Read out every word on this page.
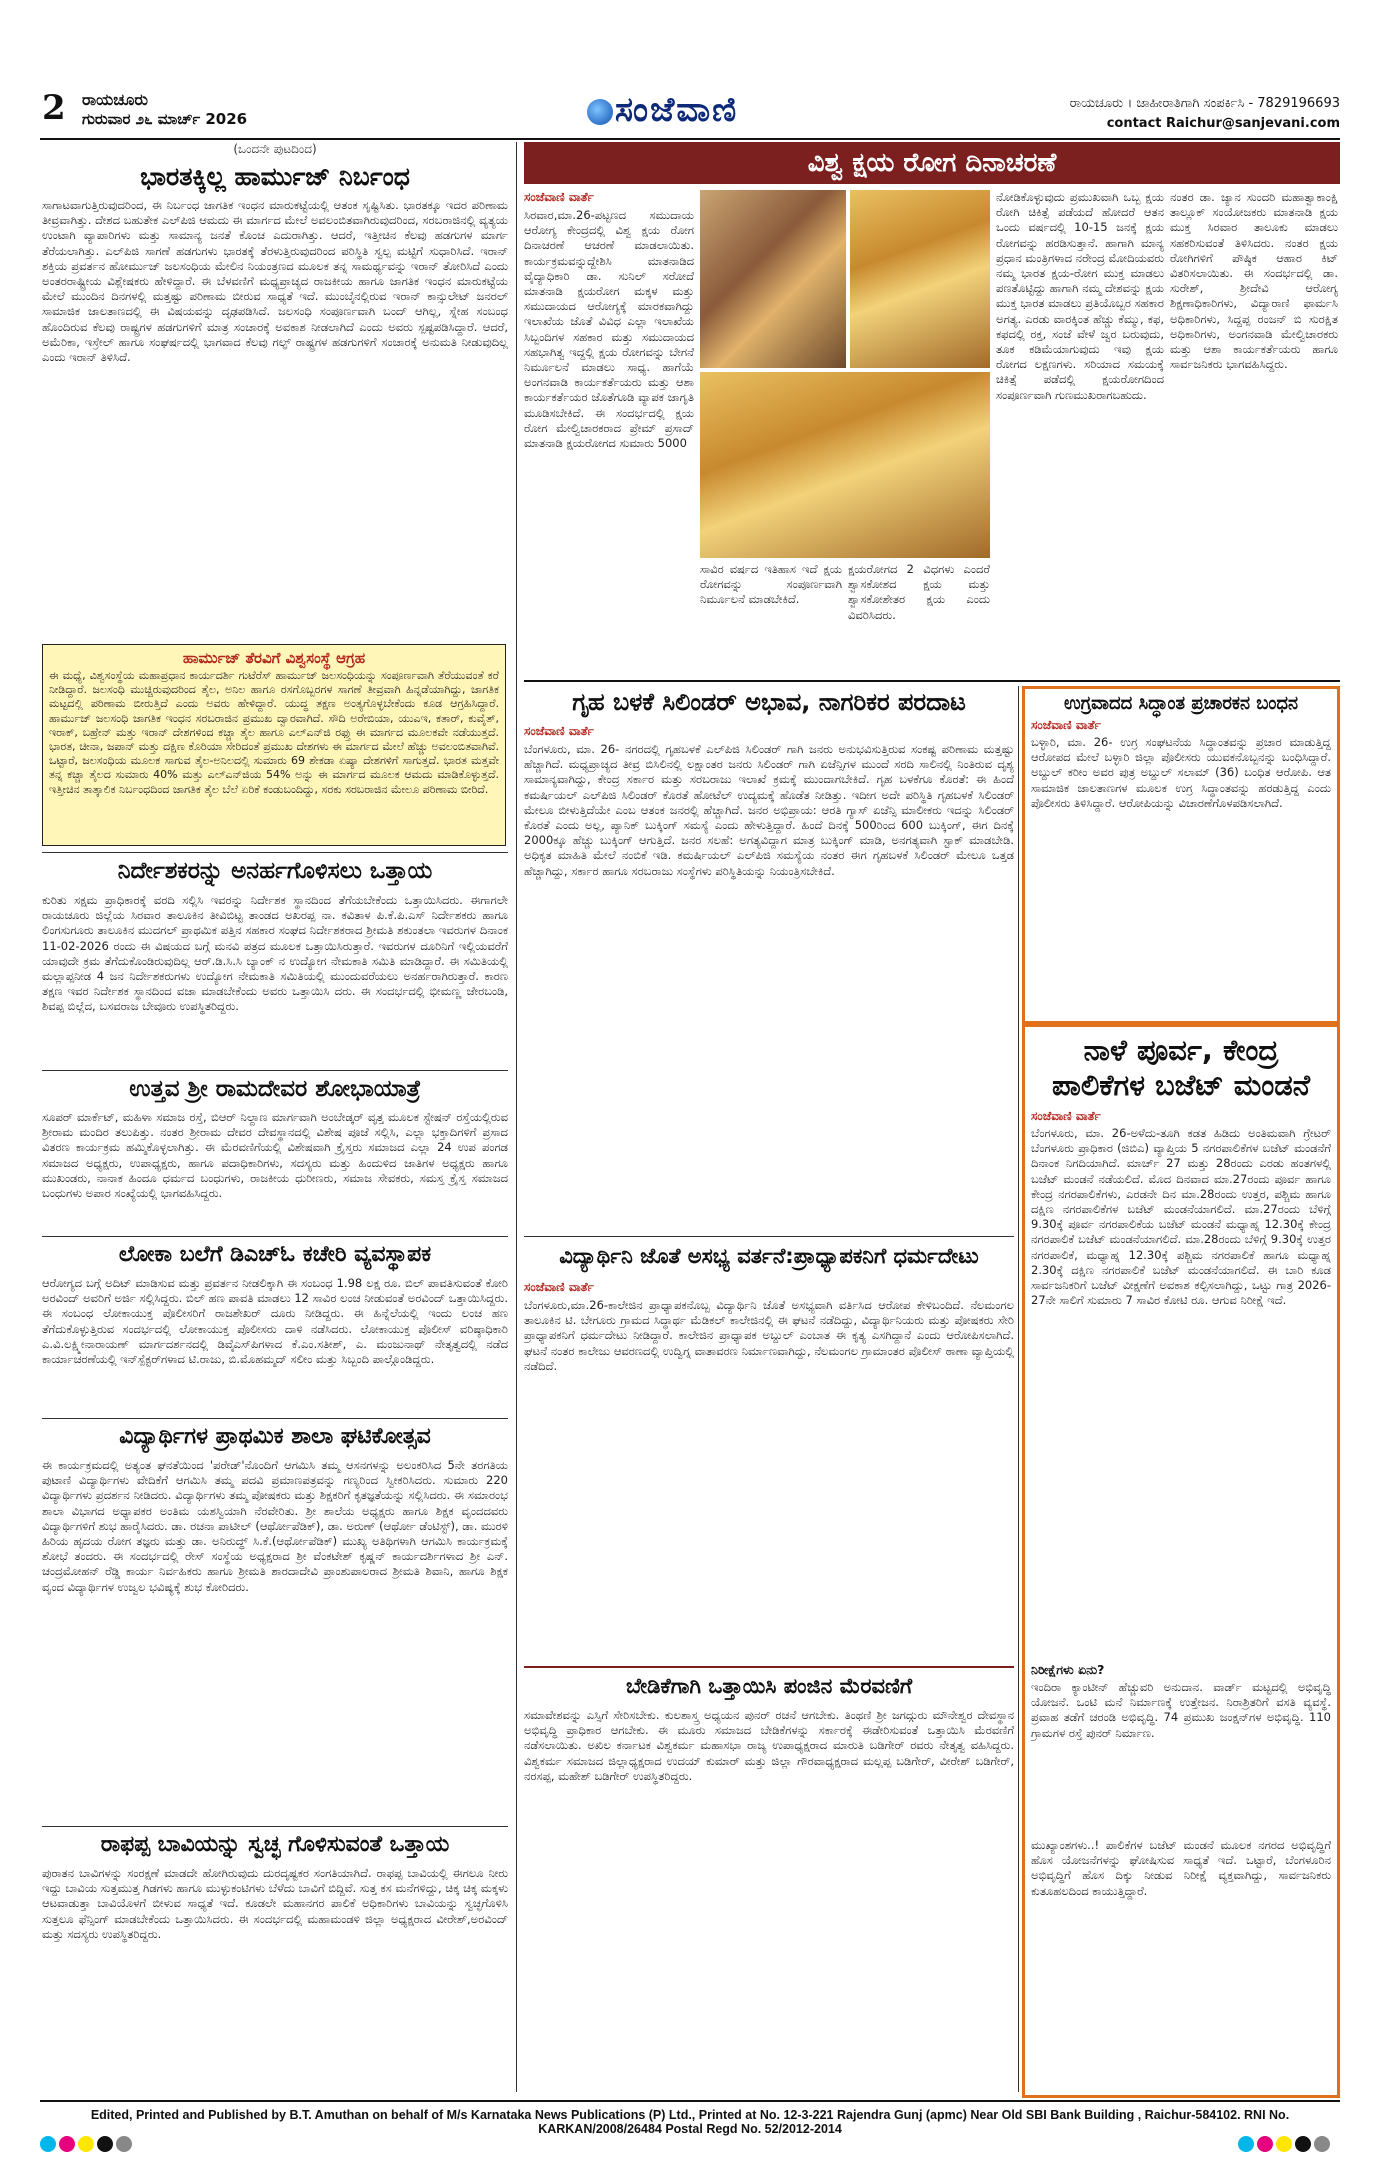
2 ರಾಯಚೂರು
ಗುರುವಾರ ೨೬ ಮಾರ್ಚ್ 2026	ಸಂಜೆವಾಣಿ	ರಾಯಚೂರು । ಜಾಹೀರಾತಿಗಾಗಿ ಸಂಪರ್ಕಿಸಿ - 7829196693
contact Raichur@sanjevani.com
(ಒಂದನೇ ಪುಟದಿಂದ)
ಭಾರತಕ್ಕಿಲ್ಲ ಹಾರ್ಮುಜ್ ನಿರ್ಬಂಧ
ಸಾಗಾಟವಾಗುತ್ತಿರುವುದರಿಂದ, ಈ ನಿರ್ಬಂಧ ಜಾಗತಿಕ ಇಂಧನ ಮಾರುಕಟ್ಟೆಯಲ್ಲಿ ಆತಂಕ ಸೃಷ್ಟಿಸಿತು. ಭಾರತಕ್ಕೂ ಇದರ ಪರಿಣಾಮ ತೀವ್ರವಾಗಿತ್ತು. ದೇಶದ ಬಹುತೇಕ ಎಲ್‌ಪಿಜಿ ಆಮದು ಈ ಮಾರ್ಗದ ಮೇಲೆ ಅವಲಂಬಿತವಾಗಿರುವುದರಿಂದ, ಸರಬರಾಜಿನಲ್ಲಿ ವ್ಯತ್ಯಯ ಉಂಟಾಗಿ ವ್ಯಾಪಾರಿಗಳು ಮತ್ತು ಸಾಮಾನ್ಯ ಜನತೆ ಕೊಂಚ ಎದುರಾಗಿತ್ತು. ಆದರೆ, ಇತ್ತೀಚಿನ ಕೆಲವು ಹಡಗುಗಳ ಮಾರ್ಗ ತೆರೆಯಲಾಗಿತ್ತು. ಎಲ್‌ಪಿಜಿ ಸಾಗಣೆ ಹಡಗುಗಳು ಭಾರತಕ್ಕೆ ತೆರಳುತ್ತಿರುವುದರಿಂದ ಪರಿಸ್ಥಿತಿ ಸ್ವಲ್ಪ ಮಟ್ಟಿಗೆ ಸುಧಾರಿಸಿದೆ. ಇರಾನ್ ಶಕ್ತಿಯ ಪ್ರವರ್ತನ ಹೋರ್ಮುಜ್ ಜಲಸಂಧಿಯ ಮೇಲಿನ ನಿಯಂತ್ರಣದ ಮೂಲಕ ತನ್ನ ಸಾಮರ್ಥ್ಯವನ್ನು ಇರಾನ್ ತೋರಿಸಿದೆ ಎಂದು ಅಂತರರಾಷ್ಟ್ರೀಯ ವಿಶ್ಲೇಷಕರು ಹೇಳಿದ್ದಾರೆ. ಈ ಬೆಳವಣಿಗೆ ಮಧ್ಯಪ್ರಾಚ್ಯದ ರಾಜಕೀಯ ಹಾಗೂ ಜಾಗತಿಕ ಇಂಧನ ಮಾರುಕಟ್ಟೆಯ ಮೇಲೆ ಮುಂದಿನ ದಿನಗಳಲ್ಲಿ ಮತ್ತಷ್ಟು ಪರಿಣಾಮ ಬೀರುವ ಸಾಧ್ಯತೆ ಇದೆ. ಮುಂಬೈನಲ್ಲಿರುವ ಇರಾನ್ ಕಾನ್ಸುಲೇಟ್ ಜನರಲ್ ಸಾಮಾಜಿಕ ಜಾಲತಾಣದಲ್ಲಿ ಈ ವಿಷಯವನ್ನು ದೃಢಪಡಿಸಿದೆ. ಜಲಸಂಧಿ ಸಂಪೂರ್ಣವಾಗಿ ಬಂದ್ ಆಗಿಲ್ಲ, ಸ್ನೇಹ ಸಂಬಂಧ ಹೊಂದಿರುವ ಕೆಲವು ರಾಷ್ಟ್ರಗಳ ಹಡಗುಗಳಿಗೆ ಮಾತ್ರ ಸಂಚಾರಕ್ಕೆ ಅವಕಾಶ ನೀಡಲಾಗಿದೆ ಎಂದು ಅವರು ಸ್ಪಷ್ಟಪಡಿಸಿದ್ದಾರೆ. ಆದರೆ, ಅಮೆರಿಕಾ, ಇಸ್ರೇಲ್ ಹಾಗೂ ಸಂಘರ್ಷದಲ್ಲಿ ಭಾಗವಾದ ಕೆಲವು ಗಲ್ಫ್ ರಾಷ್ಟ್ರಗಳ ಹಡಗುಗಳಿಗೆ ಸಂಚಾರಕ್ಕೆ ಅನುಮತಿ ನೀಡುವುದಿಲ್ಲ ಎಂದು ಇರಾನ್ ತಿಳಿಸಿದೆ.
ಹಾರ್ಮುಜ್ ತೆರವಿಗೆ ವಿಶ್ವಸಂಸ್ಥೆ ಆಗ್ರಹ
ಈ ಮಧ್ಯೆ, ವಿಶ್ವಸಂಸ್ಥೆಯ ಮಹಾಪ್ರಧಾನ ಕಾರ್ಯದರ್ಶಿ ಗುಟೆರೆಸ್ ಹಾರ್ಮುಜ್ ಜಲಸಂಧಿಯನ್ನು ಸಂಪೂರ್ಣವಾಗಿ ತೆರೆಯುವಂತೆ ಕರೆ ನೀಡಿದ್ದಾರೆ. ಜಲಸಂಧಿ ಮುಚ್ಚಿರುವುದರಿಂದ ತೈಲ, ಅನಿಲ ಹಾಗೂ ರಸಗೊಬ್ಬರಗಳ ಸಾಗಣೆ ತೀವ್ರವಾಗಿ ಹಿನ್ನಡೆಯಾಗಿದ್ದು, ಜಾಗತಿಕ ಮಟ್ಟದಲ್ಲಿ ಪರಿಣಾಮ ಬೀರುತ್ತಿದೆ ಎಂದು ಅವರು ಹೇಳಿದ್ದಾರೆ. ಯುದ್ಧ ತಕ್ಷಣ ಅಂತ್ಯಗೊಳ್ಳಬೇಕೆಂದು ಕೂಡ ಆಗ್ರಹಿಸಿದ್ದಾರೆ. ಹಾರ್ಮುಜ್ ಜಲಸಂಧಿ ಜಾಗತಿಕ ಇಂಧನ ಸರಬರಾಜಿನ ಪ್ರಮುಖ ದ್ವಾರವಾಗಿದೆ. ಸೌದಿ ಅರೇಬಿಯಾ, ಯುಎಇ, ಕತಾರ್, ಕುವೈತ್, ಇರಾಕ್, ಬಹ್ರೇನ್ ಮತ್ತು ಇರಾನ್ ದೇಶಗಳಿಂದ ಕಚ್ಚಾ ತೈಲ ಹಾಗೂ ಎಲ್‌ಎನ್‌ಜಿ ರಫ್ತು ಈ ಮಾರ್ಗದ ಮೂಲಕವೇ ನಡೆಯುತ್ತದೆ. ಭಾರತ, ಚೀನಾ, ಜಪಾನ್ ಮತ್ತು ದಕ್ಷಿಣ ಕೊರಿಯಾ ಸೇರಿದಂತೆ ಪ್ರಮುಖ ದೇಶಗಳು ಈ ಮಾರ್ಗದ ಮೇಲೆ ಹೆಚ್ಚು ಅವಲಂಬಿತವಾಗಿವೆ. ಒಟ್ಟಾರೆ, ಜಲಸಂಧಿಯ ಮೂಲಕ ಸಾಗುವ ತೈಲ-ಅನಿಲದಲ್ಲಿ ಸುಮಾರು 69 ಶೇಕಡಾ ಏಷ್ಯಾ ದೇಶಗಳಿಗೆ ಸಾಗುತ್ತದೆ. ಭಾರತ ಮತ್ತವೇ ತನ್ನ ಕಚ್ಚಾ ತೈಲದ ಸುಮಾರು 40% ಮತ್ತು ಎಲ್‌ಎನ್‌ಜಿಯ 54% ಅನ್ನು ಈ ಮಾರ್ಗದ ಮೂಲಕ ಆಮದು ಮಾಡಿಕೊಳ್ಳುತ್ತದೆ. ಇತ್ತೀಚಿನ ತಾತ್ಕಾಲಿಕ ನಿರ್ಬಂಧದಿಂದ ಜಾಗತಿಕ ತೈಲ ಬೆಲೆ ಏರಿಕೆ ಕಂಡುಬಂದಿದ್ದು, ಸರಕು ಸರಬರಾಜಿನ ಮೇಲೂ ಪರಿಣಾಮ ಬೀರಿದೆ.
ನಿರ್ದೇಶಕರನ್ನು ಅನರ್ಹಗೊಳಿಸಲು ಒತ್ತಾಯ
ಕುರಿತು ಸಕ್ಷಮ ಪ್ರಾಧಿಕಾರಕ್ಕೆ ವರದಿ ಸಲ್ಲಿಸಿ ಇವರನ್ನು ನಿರ್ದೇಶಕ ಸ್ಥಾನದಿಂದ ತೆಗೆಯಬೇಕೆಂದು ಒತ್ತಾಯಿಸಿದರು. ಈಗಾಗಲೇ ರಾಯಚೂರು ಜಿಲ್ಲೆಯ ಸಿರವಾರ ತಾಲೂಕಿನ ತೀವಿಬಿಟ್ಟ ತಾಂಡದ ಅಖರಪ್ಪ ನಾ. ಕವಿತಾಳ ಪಿ.ಕೆ.ಪಿ.ಎಸ್ ನಿರ್ದೇಶಕರು ಹಾಗೂ ಲಿಂಗಸುಗೂರು ತಾಲೂಕಿನ ಮುದಗಲ್ ಪ್ರಾಥಮಿಕ ಪತ್ತಿನ ಸಹಕಾರ ಸಂಘದ ನಿರ್ದೇಶಕರಾದ ಶ್ರೀಮತಿ ಶಕುಂತಲಾ ಇವರುಗಳ ದಿನಾಂಕ 11-02-2026 ರಂದು ಈ ವಿಷಯದ ಬಗ್ಗೆ ಮನವಿ ಪತ್ರದ ಮೂಲಕ ಒತ್ತಾಯಿಸಿರುತ್ತಾರೆ. ಇವರುಗಳ ದೂರಿನಿಗೆ ಇಲ್ಲಿಯವರೆಗೆ ಯಾವುದೇ ಕ್ರಮ ತೆಗೆದುಕೊಂಡಿರುವುದಿಲ್ಲ ಆರ್.ಡಿ.ಸಿ.ಸಿ ಬ್ಯಾಂಕ್ ನ ಉದ್ಯೋಗ ನೇಮಕಾತಿ ಸಮಿತಿ ಮಾಡಿದ್ದಾರೆ. ಈ ಸಮಿತಿಯಲ್ಲಿ ಮಲ್ಲಾಪ್ಪನೀಡ 4 ಜನ ನಿರ್ದೇಶಕರುಗಳು ಉದ್ಯೋಗ ನೇಮಕಾತಿ ಸಮಿತಿಯಲ್ಲಿ ಮುಂದುವರೆಯಲು ಅನರ್ಹರಾಗಿರುತ್ತಾರೆ. ಕಾರಣ ತಕ್ಷಣ ಇವರ ನಿರ್ದೇಶಕ ಸ್ಥಾನದಿಂದ ವಜಾ ಮಾಡಬೇಕೆಂದು ಅವರು ಒತ್ತಾಯಿಸಿ ದರು. ಈ ಸಂದರ್ಭದಲ್ಲಿ ಭೀಮಣ್ಣ ಜೇರಬಂಡಿ, ಶಿವಪ್ಪ ಬಿಲ್ಲೆದ, ಬಸವರಾಜ ಬೇವೂರು ಉಪಸ್ಥಿತರಿದ್ದರು.
ಉತ್ತವ ಶ್ರೀ ರಾಮದೇವರ ಶೋಭಾಯಾತ್ರೆ
ಸೂಪರ್ ಮಾರ್ಕೆಟ್, ಮಹಿಳಾ ಸಮಾಜ ರಸ್ತೆ, ಬಿಆರ್ ನಿಲ್ದಾಣ ಮಾರ್ಗವಾಗಿ ಅಂಬೇಡ್ಕರ್ ವೃತ್ತ ಮೂಲಕ ಸ್ಟೇಷನ್ ರಸ್ತೆಯಲ್ಲಿರುವ ಶ್ರೀರಾಮ ಮಂದಿರ ತಲುಪಿತ್ತು. ನಂತರ ಶ್ರೀರಾಮ ದೇವರ ದೇವಸ್ಥಾನದಲ್ಲಿ ವಿಶೇಷ ಪೂಜೆ ಸಲ್ಲಿಸಿ, ಎಲ್ಲಾ ಭಕ್ತಾದಿಗಳಿಗೆ ಪ್ರಸಾದ ವಿತರಣ ಕಾರ್ಯಕ್ರಮ ಹಮ್ಮಿಕೊಳ್ಳಲಾಗಿತ್ತು. ಈ ಮೆರವಣಿಗೆಯಲ್ಲಿ ವಿಶೇಷವಾಗಿ ಕ್ರೈಸ್ತರು ಸಮಾಜದ ಎಲ್ಲಾ 24 ಉಪ ಪಂಗಡ ಸಮಾಜದ ಅಧ್ಯಕ್ಷರು, ಉಪಾಧ್ಯಕ್ಷರು, ಹಾಗೂ ಪದಾಧಿಕಾರಿಗಳು, ಸದಸ್ಯರು ಮತ್ತು ಹಿಂದುಳಿದ ಜಾತಿಗಳ ಅಧ್ಯಕ್ಷರು ಹಾಗೂ ಮುಖಂಡರು, ನಾನಾಕ ಹಿಂದೂ ಧರ್ಮದ ಬಂಧುಗಳು, ರಾಜಕೀಯ ಧುರೀಣರು, ಸಮಾಜ ಸೇವಕರು, ಸಮಸ್ತ ಕ್ರೈಸ್ತ ಸಮಾಜದ ಬಂಧುಗಳು ಅಪಾರ ಸಂಖ್ಯೆಯಲ್ಲಿ ಭಾಗವಹಿಸಿದ್ದರು.
ಲೋಕಾ ಬಲೆಗೆ ಡಿಎಚ್‌ಓ ಕಚೇರಿ ವ್ಯವಸ್ಥಾಪಕ
ಆರೋಗ್ಯದ ಬಗ್ಗೆ ಅದಿಟ್ ಮಾಡಿಸುವ ಮತ್ತು ಪ್ರವರ್ತನ ನೀಡಲಿಕ್ಕಾಗಿ ಈ ಸಂಬಂಧ 1.98 ಲಕ್ಷ ರೂ. ಬಿಲ್ ಪಾವತಿಸುವಂತೆ ಕೋರಿ ಅರವಿಂದ್ ಅವರಿಗೆ ಅರ್ಜಿ ಸಲ್ಲಿಸಿದ್ದರು. ಬಿಲ್ ಹಣ ಪಾವತಿ ಮಾಡಲು 12 ಸಾವಿರ ಲಂಚ ನೀಡುವಂತೆ ಅರವಿಂದ್ ಒತ್ತಾಯಿಸಿದ್ದರು. ಈ ಸಂಬಂಧ ಲೋಕಾಯುಕ್ತ ಪೊಲೀಸರಿಗೆ ರಾಜಶೇಖರ್ ದೂರು ನೀಡಿದ್ದರು. ಈ ಹಿನ್ನೆಲೆಯಲ್ಲಿ ಇಂದು ಲಂಚ ಹಣ ತೆಗೆದುಕೊಳ್ಳುತ್ತಿರುವ ಸಂದರ್ಭದಲ್ಲಿ ಲೋಕಾಯುಕ್ತ ಪೊಲೀಸರು ದಾಳಿ ನಡೆಸಿದರು. ಲೋಕಾಯುಕ್ತ ಪೊಲೀಸ್ ವರಿಷ್ಠಾಧಿಕಾರಿ ಎ.ವಿ.ಲಕ್ಷ್ಮೀನಾರಾಯಣ್ ಮಾರ್ಗದರ್ಶನದಲ್ಲಿ ಡಿವೈಎಸ್‌ಪಿಗಳಾದ ಕೆ.ಎಂ.ಸತೀಶ್, ಎ. ಮಂಜುನಾಥ್ ನೇತೃತ್ವದಲ್ಲಿ ನಡೆದ ಕಾರ್ಯಾಚರಣೆಯಲ್ಲಿ ಇನ್‌ಸ್ಪೆಕ್ಟರ್‌ಗಳಾದ ಟಿ.ರಾಜು, ಬಿ.ಮೊಹಮ್ಮದ್ ಸಲೀಂ ಮತ್ತು ಸಿಬ್ಬಂದಿ ಪಾಲ್ಗೊಂಡಿದ್ದರು.
ವಿದ್ಯಾರ್ಥಿಗಳ ಪ್ರಾಥಮಿಕ ಶಾಲಾ ಘಟಿಕೋತ್ಸವ
ಈ ಕಾರ್ಯಕ್ರಮದಲ್ಲಿ ಅತ್ಯಂತ ಘನತೆಯಿಂದ 'ಪರೇಡ್'ನೊಂದಿಗೆ ಆಗಮಿಸಿ ತಮ್ಮ ಆಸನಗಳನ್ನು ಅಲಂಕರಿಸಿದ 5ನೇ ತರಗತಿಯ ಪುಟಾಣಿ ವಿದ್ಯಾರ್ಥಿಗಳು ವೇದಿಕೆಗೆ ಆಗಮಿಸಿ ತಮ್ಮ ಪದವಿ ಪ್ರಮಾಣಪತ್ರವನ್ನು ಗಣ್ಯರಿಂದ ಸ್ವೀಕರಿಸಿದರು. ಸುಮಾರು 220 ವಿದ್ಯಾರ್ಥಿಗಳು ಪ್ರದರ್ಶನ ನೀಡಿದರು. ವಿದ್ಯಾರ್ಥಿಗಳು ತಮ್ಮ ಪೋಷಕರು ಮತ್ತು ಶಿಕ್ಷಕರಿಗೆ ಕೃತಜ್ಞತೆಯನ್ನು ಸಲ್ಲಿಸಿದರು. ಈ ಸಮಾರಂಭ ಶಾಲಾ ವಿಭಾಗದ ಅಧ್ಯಾಪಕರ ಅಂತಿಮ ಯಶಸ್ವಿಯಾಗಿ ನೆರವೇರಿತು. ಶ್ರೀ ಶಾಲೆಯ ಅಧ್ಯಕ್ಷರು ಹಾಗೂ ಶಿಕ್ಷಕ ವೃಂದದವರು ವಿದ್ಯಾರ್ಥಿಗಳಿಗೆ ಶುಭ ಹಾರೈಸಿದರು. ಡಾ. ರಚನಾ ಪಾಟೀಲ್ (ಆರ್ಥೋಪೆಡಿಕ್), ಡಾ. ಅರುಣ್ (ಆರ್ಥೋ ಡೆಂಟಿಸ್ಟ್), ಡಾ. ಮುರಳಿ ಹಿರಿಯ ಹೃದಯ ರೋಗ ತಜ್ಞರು ಮತ್ತು ಡಾ. ಅನಿರುದ್ಧ್ ಸಿ.ಕೆ.(ಆರ್ಥೋಪೆಡಿಕ್) ಮುಖ್ಯ ಅತಿಥಿಗಳಾಗಿ ಆಗಮಿಸಿ ಕಾರ್ಯಕ್ರಮಕ್ಕೆ ಶೋಭೆ ತಂದರು. ಈ ಸಂದರ್ಭದಲ್ಲಿ ರೇಸ್ ಸಂಸ್ಥೆಯ ಅಧ್ಯಕ್ಷರಾದ ಶ್ರೀ ವೆಂಕಟೇಶ್ ಕೃಷ್ಣನ್ ಕಾರ್ಯದರ್ಶಿಗಳಾದ ಶ್ರೀ ಎನ್. ಚಂದ್ರಮೋಹನ್ ರೆಡ್ಡಿ ಕಾರ್ಯ ನಿರ್ವಹಿಕರು ಹಾಗೂ ಶ್ರೀಮತಿ ಶಾರದಾದೇವಿ ಪ್ರಾಂಶುಪಾಲರಾದ ಶ್ರೀಮತಿ ಶಿವಾನಿ, ಹಾಗೂ ಶಿಕ್ಷಕ ವೃಂದ ವಿದ್ಯಾರ್ಥಿಗಳ ಉಜ್ವಲ ಭವಿಷ್ಯಕ್ಕೆ ಶುಭ ಕೋರಿದರು.
ರಾಫಪ್ಪ ಬಾವಿಯನ್ನು ಸ್ವಚ್ಛ ಗೊಳಿಸುವಂತೆ ಒತ್ತಾಯ
ಪುರಾತನ ಬಾವಿಗಳನ್ನು ಸಂರಕ್ಷಣೆ ಮಾಡದೇ ಹೋಗಿರುವುದು ದುರದೃಷ್ಟಕರ ಸಂಗತಿಯಾಗಿದೆ. ರಾಫಪ್ಪ ಬಾವಿಯಲ್ಲಿ ಈಗಲೂ ನೀರು ಇದ್ದು ಬಾವಿಯ ಸುತ್ತಮುತ್ತ ಗಿಡಗಳು ಹಾಗೂ ಮುಳ್ಳುಕಂಟಿಗಳು ಬೆಳೆದು ಬಾವಿಗೆ ಬಿದ್ದಿವೆ. ಸುತ್ತ ಕಸ ಮನೆಗಳಿದ್ದು, ಚಿಕ್ಕ ಚಿಕ್ಕ ಮಕ್ಕಳು ಆಟವಾಡುತ್ತಾ ಬಾವಿಯೊಳಗೆ ಬೀಳುವ ಸಾಧ್ಯತೆ ಇದೆ. ಕೂಡಲೇ ಮಹಾನಗರ ಪಾಲಿಕೆ ಅಧಿಕಾರಿಗಳು ಬಾವಿಯನ್ನು ಸ್ವಚ್ಛಗೊಳಿಸಿ ಸುತ್ತಲೂ ಫೆನ್ಸಿಂಗ್ ಮಾಡಬೇಕೆಂದು ಒತ್ತಾಯಿಸಿದರು. ಈ ಸಂದರ್ಭದಲ್ಲಿ ಮಹಾಮಂಡಳಿ ಜಿಲ್ಲಾ ಅಧ್ಯಕ್ಷರಾದ ವೀರೇಶ್,ಅರವಿಂದ್ ಮತ್ತು ಸದಸ್ಯರು ಉಪಸ್ಥಿತರಿದ್ದರು.
ವಿಶ್ವ ಕ್ಷಯ ರೋಗ ದಿನಾಚರಣೆ
ಸಂಜೆವಾಣಿ ವಾರ್ತೆ
ಸಿರವಾರ,ಮಾ.26-ಪಟ್ಟಣದ ಸಮುದಾಯ ಆರೋಗ್ಯ ಕೇಂದ್ರದಲ್ಲಿ ವಿಶ್ವ ಕ್ಷಯ ರೋಗ ದಿನಾಚರಣೆ ಆಚರಣೆ ಮಾಡಲಾಯಿತು. ಕಾರ್ಯಕ್ರಮವನ್ನುದ್ದೇಶಿಸಿ ಮಾತನಾಡಿದ ವೈದ್ಯಾಧಿಕಾರಿ ಡಾ. ಸುನಿಲ್ ಸರೋದೆ ಮಾತನಾಡಿ ಕ್ಷಯರೋಗ ಮಕ್ಕಳ ಮತ್ತು ಸಮುದಾಯದ ಆರೋಗ್ಯಕ್ಕೆ ಮಾರಕವಾಗಿದ್ದು ಇಲಾಖೆಯ ಜೊತೆ ವಿವಿಧ ಎಲ್ಲಾ ಇಲಾಖೆಯ ಸಿಬ್ಬಂದಿಗಳ ಸಹಕಾರ ಮತ್ತು ಸಮುದಾಯದ ಸಹಭಾಗಿತ್ವ ಇದ್ದಲ್ಲಿ ಕ್ಷಯ ರೋಗವನ್ನು ಬೇಗನೆ ನಿರ್ಮೂಲನೆ ಮಾಡಲು ಸಾಧ್ಯ. ಹಾಗೆಯೆ ಅಂಗನವಾಡಿ ಕಾರ್ಯಕರ್ತೆಯರು ಮತ್ತು ಆಶಾ ಕಾರ್ಯಕರ್ತೆಯರ ಜೊತೆಗೂಡಿ ವ್ಯಾಪಕ ಜಾಗೃತಿ ಮೂಡಿಸಬೇಕಿದೆ. ಈ ಸಂದರ್ಭದಲ್ಲಿ ಕ್ಷಯ ರೋಗ ಮೇಲ್ವಿಚಾರಕರಾದ ಪ್ರೇಮ್ ಪ್ರಸಾದ್ ಮಾತನಾಡಿ ಕ್ಷಯರೋಗದ ಸುಮಾರು 5000
ಸಾವಿರ ವರ್ಷದ ಇತಿಹಾಸ ಇದೆ ಕ್ಷಯ ರೋಗವನ್ನು ಸಂಪೂರ್ಣವಾಗಿ ನಿರ್ಮೂಲನೆ ಮಾಡಬೇಕಿದೆ.
ಕ್ಷಯರೋಗದ 2 ವಿಧಗಳು ಎಂದರೆ ಶ್ವಾಸಕೋಶದ ಕ್ಷಯ ಮತ್ತು ಶ್ವಾಸಕೋಶೇತರ ಕ್ಷಯ ಎಂದು ವಿವರಿಸಿದರು.
ನೋಡಿಕೊಳ್ಳುವುದು ಪ್ರಮುಖವಾಗಿ ಒಬ್ಬ ಕ್ಷಯ ರೋಗಿ ಚಿಕಿತ್ಸೆ ಪಡೆಯದೆ ಹೋದರೆ ಆತನ ಒಂದು ವರ್ಷದಲ್ಲಿ 10-15 ಜನಕ್ಕೆ ಕ್ಷಯ ರೋಗವನ್ನು ಹರಡಿಸುತ್ತಾನೆ. ಹಾಗಾಗಿ ಮಾನ್ಯ ಪ್ರಧಾನ ಮಂತ್ರಿಗಳಾದ ನರೇಂದ್ರ ಮೋದಿಯವರು ನಮ್ಮ ಭಾರತ ಕ್ಷಯ-ರೋಗ ಮುಕ್ತ ಮಾಡಲು ಪಣತೊಟ್ಟಿದ್ದು ಹಾಗಾಗಿ ನಮ್ಮ ದೇಶವನ್ನು ಕ್ಷಯ ಮುಕ್ತ ಭಾರತ ಮಾಡಲು ಪ್ರತಿಯೊಬ್ಬರ ಸಹಕಾರ ಅಗತ್ಯ. ಎರಡು ವಾರಕ್ಕಿಂತ ಹೆಚ್ಚು ಕೆಮ್ಮು, ಕಫ, ಕಫದಲ್ಲಿ ರಕ್ತ, ಸಂಜೆ ವೇಳೆ ಜ್ವರ ಬರುವುದು, ತೂಕ ಕಡಿಮೆಯಾಗುವುದು ಇವು ಕ್ಷಯ ರೋಗದ ಲಕ್ಷಣಗಳು. ಸರಿಯಾದ ಸಮಯಕ್ಕೆ ಚಿಕಿತ್ಸೆ ಪಡೆದಲ್ಲಿ ಕ್ಷಯರೋಗದಿಂದ ಸಂಪೂರ್ಣವಾಗಿ ಗುಣಮುಖರಾಗಬಹುದು.
ನಂತರ ಡಾ. ಜ್ಯಾನ ಸುಂದರಿ ಮಹಾತ್ವಾಕಾಂಕ್ಷಿ ತಾಲ್ಲೂಕ್ ಸಂಯೋಜಕರು ಮಾತನಾಡಿ ಕ್ಷಯ ಮುಕ್ತ ಸಿರವಾರ ತಾಲೂಕು ಮಾಡಲು ಸಹಕರಿಸುವಂತೆ ತಿಳಿಸಿದರು. ನಂತರ ಕ್ಷಯ ರೋಗಿಗಳಿಗೆ ಪೌಷ್ಠಿಕ ಆಹಾರ ಕಿಟ್ ವಿತರಿಸಲಾಯಿತು. ಈ ಸಂದರ್ಭದಲ್ಲಿ ಡಾ. ಸುರೇಶ್, ಶ್ರೀದೇವಿ ಆರೋಗ್ಯ ಶಿಕ್ಷಣಾಧಿಕಾರಿಗಳು, ವಿದ್ಯಾರಾಣಿ ಫಾರ್ಮಸಿ ಅಧಿಕಾರಿಗಳು, ಸಿದ್ದಪ್ಪ ರಂಜನ್ ಬಿ ಸುರಕ್ಷಿತ ಅಧಿಕಾರಿಗಳು, ಅಂಗನವಾಡಿ ಮೇಲ್ವಿಚಾರಕರು ಮತ್ತು ಆಶಾ ಕಾರ್ಯಕರ್ತೆಯರು ಹಾಗೂ ಸಾರ್ವಜನಿಕರು ಭಾಗವಹಿಸಿದ್ದರು.
ಗೃಹ ಬಳಕೆ ಸಿಲಿಂಡರ್ ಅಭಾವ, ನಾಗರಿಕರ ಪರದಾಟ
ಸಂಜೆವಾಣಿ ವಾರ್ತೆ
ಬೆಂಗಳೂರು, ಮಾ. 26- ನಗರದಲ್ಲಿ ಗೃಹಬಳಕೆ ಎಲ್‌ಪಿಜಿ ಸಿಲಿಂಡರ್ ಗಾಗಿ ಜನರು ಅನುಭವಿಸುತ್ತಿರುವ ಸಂಕಷ್ಟ ಪರಿಣಾಮ ಮತ್ತಷ್ಟು ಹೆಚ್ಚಾಗಿದೆ. ಮಧ್ಯಪ್ರಾಚ್ಯದ ತೀವ್ರ ಬಿಸಿಲಿನಲ್ಲಿ ಲಕ್ಷಾಂತರ ಜನರು ಸಿಲಿಂಡರ್ ಗಾಗಿ ಏಜೆನ್ಸಿಗಳ ಮುಂದೆ ಸರದಿ ಸಾಲಿನಲ್ಲಿ ನಿಂತಿರುವ ದೃಶ್ಯ ಸಾಮಾನ್ಯವಾಗಿದ್ದು, ಕೇಂದ್ರ ಸರ್ಕಾರ ಮತ್ತು ಸರಬರಾಜು ಇಲಾಖೆ ಕ್ರಮಕ್ಕೆ ಮುಂದಾಗಬೇಕಿದೆ. ಗೃಹ ಬಳಕೆಗೂ ಕೊರತೆ: ಈ ಹಿಂದೆ ಕಮರ್ಷಿಯಲ್ ಎಲ್‌ಪಿಜಿ ಸಿಲಿಂಡರ್ ಕೊರತೆ ಹೋಟೆಲ್ ಉದ್ಯಮಕ್ಕೆ ಹೊಡೆತ ನೀಡಿತ್ತು. ಇದೀಗ ಅದೇ ಪರಿಸ್ಥಿತಿ ಗೃಹಬಳಕೆ ಸಿಲಿಂಡರ್ ಮೇಲೂ ಬೀಳುತ್ತಿದೆಯೇ ಎಂಬ ಆತಂಕ ಜನರಲ್ಲಿ ಹೆಚ್ಚಾಗಿದೆ. ಜನರ ಅಭಿಪ್ರಾಯ: ಆರತಿ ಗ್ಯಾಸ್ ಏಜೆನ್ಸಿ ಮಾಲೀಕರು ಇದನ್ನು ಸಿಲಿಂಡರ್ ಕೊರತೆ ಎಂದು ಅಲ್ಲ, ಪ್ಯಾನಿಕ್ ಬುಕ್ಕಿಂಗ್ ಸಮಸ್ಯೆ ಎಂದು ಹೇಳುತ್ತಿದ್ದಾರೆ. ಹಿಂದೆ ದಿನಕ್ಕೆ 500ರಿಂದ 600 ಬುಕ್ಕಿಂಗ್, ಈಗ ದಿನಕ್ಕೆ 2000ಕ್ಕೂ ಹೆಚ್ಚು ಬುಕ್ಕಿಂಗ್ ಆಗುತ್ತಿದೆ. ಜನರ ಸಲಹೆ: ಅಗತ್ಯವಿದ್ದಾಗ ಮಾತ್ರ ಬುಕ್ಕಿಂಗ್ ಮಾಡಿ, ಅನಗತ್ಯವಾಗಿ ಸ್ಟಾಕ್ ಮಾಡಬೇಡಿ. ಅಧಿಕೃತ ಮಾಹಿತಿ ಮೇಲೆ ನಂಬಿಕೆ ಇಡಿ. ಕಮರ್ಷಿಯಲ್ ಎಲ್‌ಪಿಜಿ ಸಮಸ್ಯೆಯ ನಂತರ ಈಗ ಗೃಹಬಳಕೆ ಸಿಲಿಂಡರ್ ಮೇಲೂ ಒತ್ತಡ ಹೆಚ್ಚಾಗಿದ್ದು, ಸರ್ಕಾರ ಹಾಗೂ ಸರಬರಾಜು ಸಂಸ್ಥೆಗಳು ಪರಿಸ್ಥಿತಿಯನ್ನು ನಿಯಂತ್ರಿಸಬೇಕಿದೆ.
ವಿದ್ಯಾರ್ಥಿನಿ ಜೊತೆ ಅಸಭ್ಯ ವರ್ತನೆ:ಪ್ರಾಧ್ಯಾಪಕನಿಗೆ ಧರ್ಮದೇಟು
ಸಂಜೆವಾಣಿ ವಾರ್ತೆ
ಬೆಂಗಳೂರು,ಮಾ.26-ಕಾಲೇಜಿನ ಪ್ರಾಧ್ಯಾಪಕನೊಬ್ಬ ವಿದ್ಯಾರ್ಥಿನಿ ಜೊತೆ ಅಸಭ್ಯವಾಗಿ ವರ್ತಿಸಿದ ಆರೋಪ ಕೇಳಿಬಂದಿದೆ. ನೆಲಮಂಗಲ ತಾಲೂಕಿನ ಟಿ. ಬೇಗೂರು ಗ್ರಾಮದ ಸಿದ್ಧಾರ್ಥ ಮೆಡಿಕಲ್ ಕಾಲೇಜಿನಲ್ಲಿ ಈ ಘಟನೆ ನಡೆದಿದ್ದು, ವಿದ್ಯಾರ್ಥಿನಿಯರು ಮತ್ತು ಪೋಷಕರು ಸೇರಿ ಪ್ರಾಧ್ಯಾಪಕನಿಗೆ ಧರ್ಮದೇಟು ನೀಡಿದ್ದಾರೆ. ಕಾಲೇಜಿನ ಪ್ರಾಧ್ಯಾಪಕ ಅಬ್ದುಲ್ ಎಂಬಾತ ಈ ಕೃತ್ಯ ಎಸಗಿದ್ದಾನೆ ಎಂದು ಆರೋಪಿಸಲಾಗಿದೆ. ಘಟನೆ ನಂತರ ಕಾಲೇಜು ಆವರಣದಲ್ಲಿ ಉದ್ವಿಗ್ನ ವಾತಾವರಣ ನಿರ್ಮಾಣವಾಗಿದ್ದು, ನೆಲಮಂಗಲ ಗ್ರಾಮಾಂತರ ಪೊಲೀಸ್ ಠಾಣಾ ವ್ಯಾಪ್ತಿಯಲ್ಲಿ ನಡೆದಿದೆ.
ಬೇಡಿಕೆಗಾಗಿ ಒತ್ತಾಯಿಸಿ ಪಂಜಿನ ಮೆರವಣಿಗೆ
ಸಮಾವೇಶವನ್ನು ಎಸ್ಸಿಗೆ ಸೇರಿಸಬೇಕು. ಕುಲಶಾಸ್ತ್ರ ಅಧ್ಯಯನ ಪುನರ್ ರಚನೆ ಆಗಬೇಕು. ತಿಂಥಣಿ ಶ್ರೀ ಜಗದ್ಗುರು ಮೌನೇಶ್ವರ ದೇವಸ್ಥಾನ ಅಭಿವೃದ್ಧಿ ಪ್ರಾಧಿಕಾರ ಆಗಬೇಕು. ಈ ಮೂರು ಸಮಾಜದ ಬೇಡಿಕೆಗಳನ್ನು ಸರ್ಕಾರಕ್ಕೆ ಈಡೇರಿಸುವಂತೆ ಒತ್ತಾಯಿಸಿ ಮೆರವಣಿಗೆ ನಡೆಸಲಾಯಿತು. ಅಖಿಲ ಕರ್ನಾಟಕ ವಿಶ್ವಕರ್ಮ ಮಹಾಸಭಾ ರಾಜ್ಯ ಉಪಾಧ್ಯಕ್ಷರಾದ ಮಾರುತಿ ಬಡಿಗೇರ್ ರವರು ನೇತೃತ್ವ ವಹಿಸಿದ್ದರು. ವಿಶ್ವಕರ್ಮ ಸಮಾಜದ ಜಿಲ್ಲಾಧ್ಯಕ್ಷರಾದ ಉದಯ್ ಕುಮಾರ್ ಮತ್ತು ಜಿಲ್ಲಾ ಗೌರವಾಧ್ಯಕ್ಷರಾದ ಮಲ್ಲಪ್ಪ ಬಡಿಗೇರ್, ವೀರೇಶ್ ಬಡಿಗೇರ್, ನರಸಪ್ಪ, ಮಹೇಶ್ ಬಡಿಗೇರ್ ಉಪಸ್ಥಿತರಿದ್ದರು.
ಉಗ್ರವಾದದ ಸಿದ್ಧಾಂತ ಪ್ರಚಾರಕನ ಬಂಧನ
ಸಂಜೆವಾಣಿ ವಾರ್ತೆ
ಬಳ್ಳಾರಿ, ಮಾ. 26- ಉಗ್ರ ಸಂಘಟನೆಯ ಸಿದ್ಧಾಂತವನ್ನು ಪ್ರಚಾರ ಮಾಡುತ್ತಿದ್ದ ಆರೋಪದ ಮೇಲೆ ಬಳ್ಳಾರಿ ಜಿಲ್ಲಾ ಪೊಲೀಸರು ಯುವಕನೊಬ್ಬನನ್ನು ಬಂಧಿಸಿದ್ದಾರೆ. ಅಬ್ದುಲ್ ಕರೀಂ ಅವರ ಪುತ್ರ ಅಬ್ದುಲ್ ಸಲಾಮ್ (36) ಬಂಧಿತ ಆರೋಪಿ. ಆತ ಸಾಮಾಜಿಕ ಜಾಲತಾಣಗಳ ಮೂಲಕ ಉಗ್ರ ಸಿದ್ಧಾಂತವನ್ನು ಹರಡುತ್ತಿದ್ದ ಎಂದು ಪೊಲೀಸರು ತಿಳಿಸಿದ್ದಾರೆ. ಆರೋಪಿಯನ್ನು ವಿಚಾರಣೆಗೊಳಪಡಿಸಲಾಗಿದೆ.
ನಾಳೆ ಪೂರ್ವ, ಕೇಂದ್ರ
ಪಾಲಿಕೆಗಳ ಬಜೆಟ್ ಮಂಡನೆ
ಸಂಜೆವಾಣಿ ವಾರ್ತೆ
ಬೆಂಗಳೂರು, ಮಾ. 26-ಅಳೆದು-ತೂಗಿ ಕಡತ ಹಿಡಿದು ಅಂತಿಮವಾಗಿ ಗ್ರೇಟರ್ ಬೆಂಗಳೂರು ಪ್ರಾಧಿಕಾರ (ಜಿಬಿಎ) ವ್ಯಾಪ್ತಿಯ 5 ನಗರಪಾಲಿಕೆಗಳ ಬಜೆಟ್ ಮಂಡನೆಗೆ ದಿನಾಂಕ ನಿಗದಿಯಾಗಿದೆ. ಮಾರ್ಚ್ 27 ಮತ್ತು 28ರಂದು ಎರಡು ಹಂತಗಳಲ್ಲಿ ಬಜೆಟ್ ಮಂಡನೆ ನಡೆಯಲಿದೆ. ಮೊದ ದಿನವಾದ ಮಾ.27ರಂದು ಪೂರ್ವ ಹಾಗೂ ಕೇಂದ್ರ ನಗರಪಾಲಿಕೆಗಳು, ಎರಡನೇ ದಿನ ಮಾ.28ರಂದು ಉತ್ತರ, ಪಶ್ಚಿಮ ಹಾಗೂ ದಕ್ಷಿಣ ನಗರಪಾಲಿಕೆಗಳ ಬಜೆಟ್ ಮಂಡನೆಯಾಗಲಿದೆ. ಮಾ.27ರಂದು ಬೆಳಿಗ್ಗೆ 9.30ಕ್ಕೆ ಪೂರ್ವ ನಗರಪಾಲಿಕೆಯ ಬಜೆಟ್ ಮಂಡನೆ ಮಧ್ಯಾಹ್ನ 12.30ಕ್ಕೆ ಕೇಂದ್ರ ನಗರಪಾಲಿಕೆ ಬಜೆಟ್ ಮಂಡನೆಯಾಗಲಿದೆ. ಮಾ.28ರಂದು ಬೆಳಿಗ್ಗೆ 9.30ಕ್ಕೆ ಉತ್ತರ ನಗರಪಾಲಿಕೆ, ಮಧ್ಯಾಹ್ನ 12.30ಕ್ಕೆ ಪಶ್ಚಿಮ ನಗರಪಾಲಿಕೆ ಹಾಗೂ ಮಧ್ಯಾಹ್ನ 2.30ಕ್ಕೆ ದಕ್ಷಿಣ ನಗರಪಾಲಿಕೆ ಬಜೆಟ್ ಮಂಡನೆಯಾಗಲಿದೆ. ಈ ಬಾರಿ ಕೂಡ ಸಾರ್ವಜನಿಕರಿಗೆ ಬಜೆಟ್ ವೀಕ್ಷಣೆಗೆ ಅವಕಾಶ ಕಲ್ಪಿಸಲಾಗಿದ್ದು, ಒಟ್ಟು ಗಾತ್ರ 2026-27ನೇ ಸಾಲಿಗೆ ಸುಮಾರು 7 ಸಾವಿರ ಕೋಟಿ ರೂ. ಆಗುವ ನಿರೀಕ್ಷೆ ಇದೆ.
ನಿರೀಕ್ಷೆಗಳು ಏನು?
ಇಂದಿರಾ ಕ್ಯಾಂಟೀನ್ ಹೆಚ್ಚುವರಿ ಅನುದಾನ. ವಾರ್ಡ್ ಮಟ್ಟದಲ್ಲಿ ಅಭಿವೃದ್ಧಿ ಯೋಜನೆ. ಒಂಟಿ ಮನೆ ನಿರ್ಮಾಣಕ್ಕೆ ಉತ್ತೇಜನ. ನಿರಾಶ್ರಿತರಿಗೆ ವಸತಿ ವ್ಯವಸ್ಥೆ. ಪ್ರವಾಹ ತಡೆಗೆ ಚರಂಡಿ ಅಭಿವೃದ್ಧಿ. 74 ಪ್ರಮುಖ ಜಂಕ್ಷನ್‌ಗಳ ಅಭಿವೃದ್ಧಿ. 110 ಗ್ರಾಮಗಳ ರಸ್ತೆ ಪುನರ್ ನಿರ್ಮಾಣ.
ಮುಖ್ಯಾಂಶಗಳು..! ಪಾಲಿಕೆಗಳ ಬಜೆಟ್ ಮಂಡನೆ ಮೂಲಕ ನಗರದ ಅಭಿವೃದ್ಧಿಗೆ ಹೊಸ ಯೋಜನೆಗಳನ್ನು ಘೋಷಿಸುವ ಸಾಧ್ಯತೆ ಇದೆ. ಒಟ್ಟಾರೆ, ಬೆಂಗಳೂರಿನ ಅಭಿವೃದ್ಧಿಗೆ ಹೊಸ ದಿಕ್ಕು ನೀಡುವ ನಿರೀಕ್ಷೆ ವ್ಯಕ್ತವಾಗಿದ್ದು, ಸಾರ್ವಜನಿಕರು ಕುತೂಹಲದಿಂದ ಕಾಯುತ್ತಿದ್ದಾರೆ.
Edited, Printed and Published by B.T. Amuthan on behalf of M/s Karnataka News Publications (P) Ltd., Printed at No. 12-3-221 Rajendra Gunj (apmc) Near Old SBI Bank Building , Raichur-584102. RNI No. KARKAN/2008/26484 Postal Regd No. 52/2012-2014
